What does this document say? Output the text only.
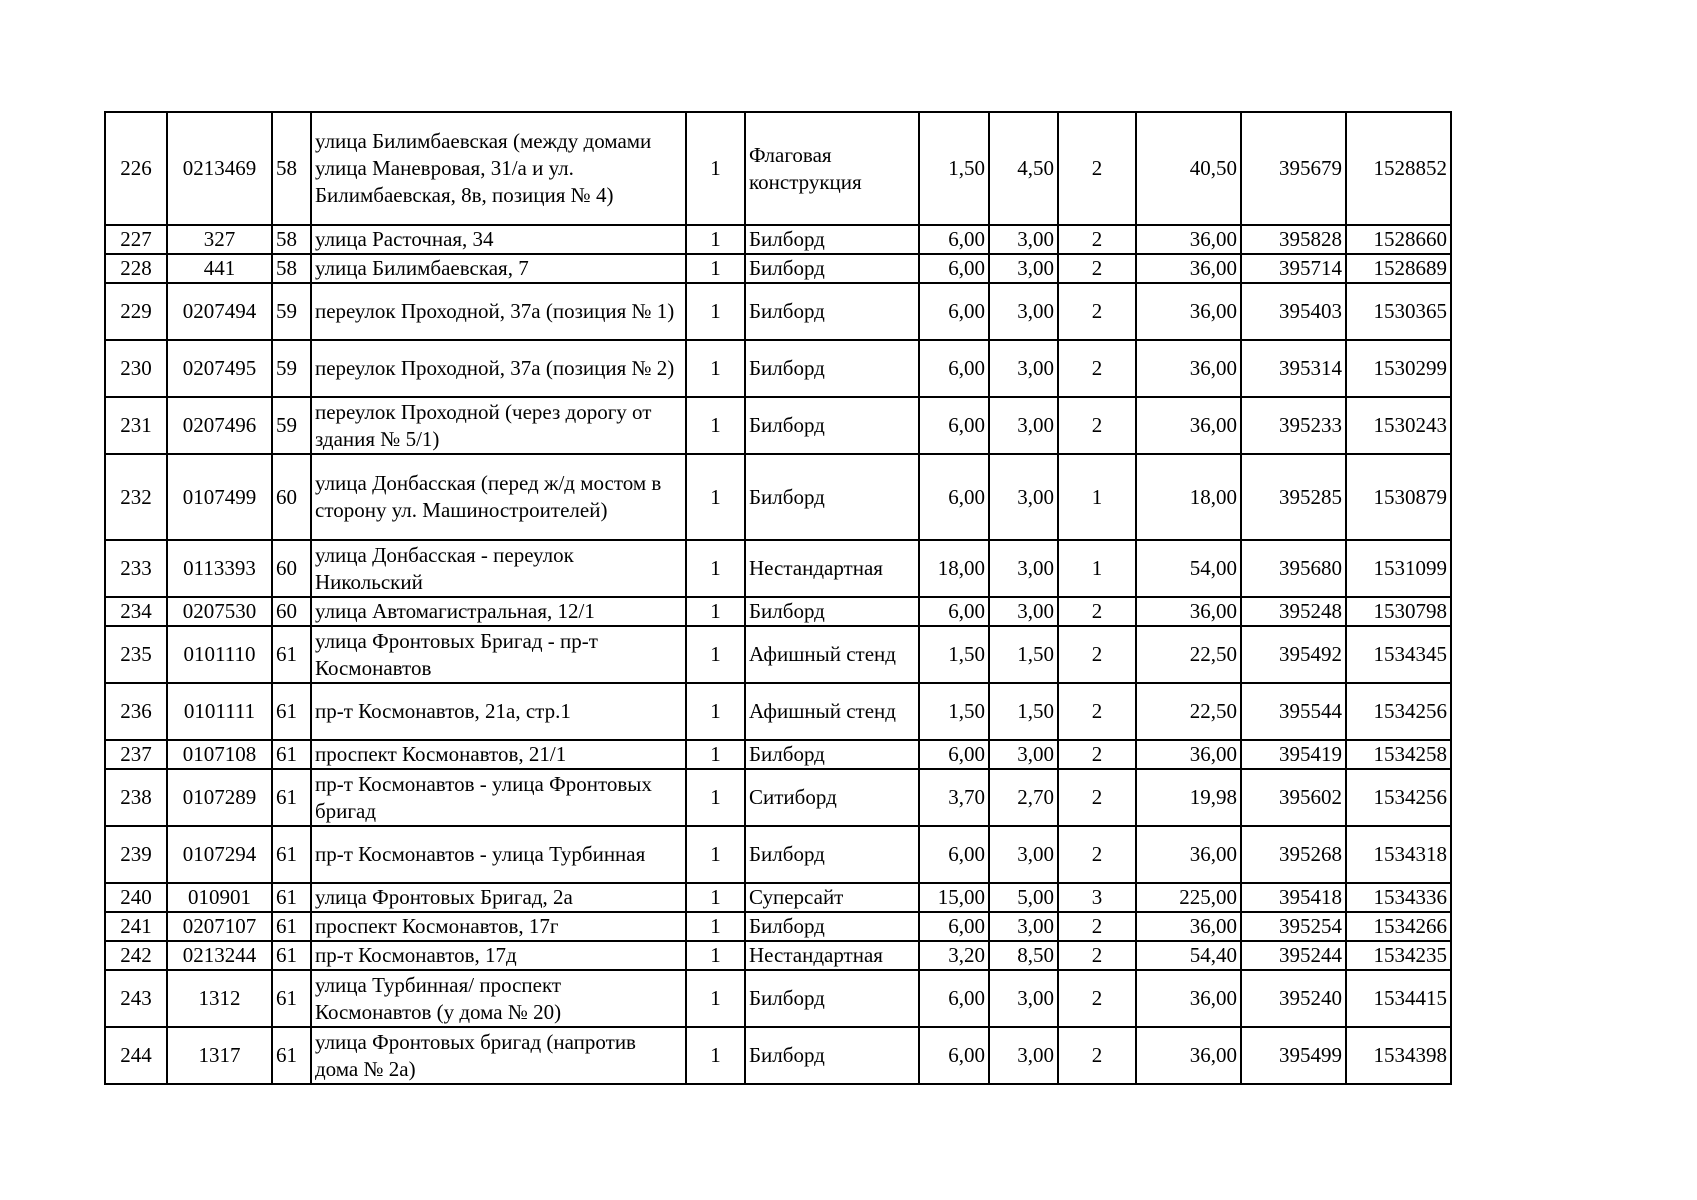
226	0213469	58	улица Билимбаевская (между домами улица Маневровая, 31/а и ул. Билимбаевская, 8в, позиция № 4)	1	Флаговая конструкция	1,50	4,50	2	40,50	395679	1528852
227	327	58	улица Расточная, 34	1	Билборд	6,00	3,00	2	36,00	395828	1528660
228	441	58	улица Билимбаевская, 7	1	Билборд	6,00	3,00	2	36,00	395714	1528689
229	0207494	59	переулок Проходной, 37а (позиция № 1)	1	Билборд	6,00	3,00	2	36,00	395403	1530365
230	0207495	59	переулок Проходной, 37а (позиция № 2)	1	Билборд	6,00	3,00	2	36,00	395314	1530299
231	0207496	59	переулок Проходной (через дорогу от здания № 5/1)	1	Билборд	6,00	3,00	2	36,00	395233	1530243
232	0107499	60	улица Донбасская (перед ж/д мостом в сторону ул. Машиностроителей)	1	Билборд	6,00	3,00	1	18,00	395285	1530879
233	0113393	60	улица Донбасская - переулок Никольский	1	Нестандартная	18,00	3,00	1	54,00	395680	1531099
234	0207530	60	улица Автомагистральная, 12/1	1	Билборд	6,00	3,00	2	36,00	395248	1530798
235	0101110	61	улица Фронтовых Бригад - пр-т Космонавтов	1	Афишный стенд	1,50	1,50	2	22,50	395492	1534345
236	0101111	61	пр-т Космонавтов, 21а, стр.1	1	Афишный стенд	1,50	1,50	2	22,50	395544	1534256
237	0107108	61	проспект Космонавтов, 21/1	1	Билборд	6,00	3,00	2	36,00	395419	1534258
238	0107289	61	пр-т Космонавтов - улица Фронтовых бригад	1	Ситиборд	3,70	2,70	2	19,98	395602	1534256
239	0107294	61	пр-т Космонавтов - улица Турбинная	1	Билборд	6,00	3,00	2	36,00	395268	1534318
240	010901	61	улица Фронтовых Бригад, 2а	1	Суперсайт	15,00	5,00	3	225,00	395418	1534336
241	0207107	61	проспект Космонавтов, 17г	1	Билборд	6,00	3,00	2	36,00	395254	1534266
242	0213244	61	пр-т Космонавтов, 17д	1	Нестандартная	3,20	8,50	2	54,40	395244	1534235
243	1312	61	улица Турбинная/ проспект Космонавтов (у дома № 20)	1	Билборд	6,00	3,00	2	36,00	395240	1534415
244	1317	61	улица Фронтовых бригад (напротив дома № 2а)	1	Билборд	6,00	3,00	2	36,00	395499	1534398
